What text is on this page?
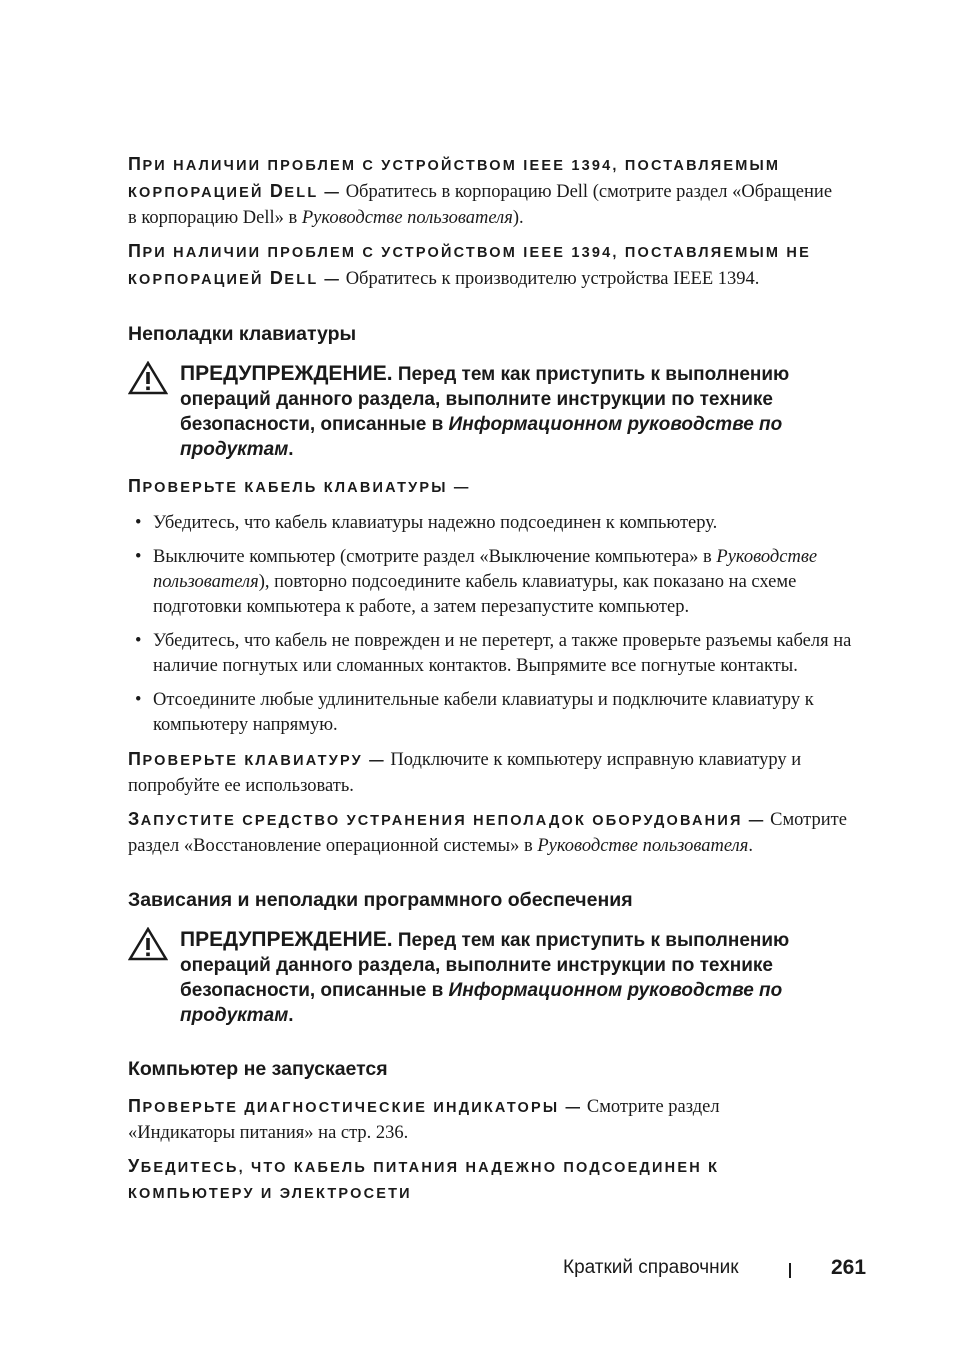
ПРИ НАЛИЧИИ ПРОБЛЕМ С УСТРОЙСТВОМ IEEE 1394, ПОСТАВЛЯЕМЫМ КОРПОРАЦИЕЙ DELL — Обратитесь в корпорацию Dell (смотрите раздел «Обращение в корпорацию Dell» в Руководстве пользователя).

ПРИ НАЛИЧИИ ПРОБЛЕМ С УСТРОЙСТВОМ IEEE 1394, ПОСТАВЛЯЕМЫМ НЕ КОРПОРАЦИЕЙ DELL — Обратитесь к производителю устройства IEEE 1394.

Неполадки клавиатуры
ПРЕДУПРЕЖДЕНИЕ. Перед тем как приступить к выполнению операций данного раздела, выполните инструкции по технике безопасности, описанные в Информационном руководстве по продуктам.

ПРОВЕРЬТЕ КАБЕЛЬ КЛАВИАТУРЫ —

• Убедитесь, что кабель клавиатуры надежно подсоединен к компьютеру.
• Выключите компьютер (смотрите раздел «Выключение компьютера» в Руководстве пользователя), повторно подсоедините кабель клавиатуры, как показано на схеме подготовки компьютера к работе, а затем перезапустите компьютер.
• Убедитесь, что кабель не поврежден и не перетерт, а также проверьте разъемы кабеля на наличие погнутых или сломанных контактов. Выпрямите все погнутые контакты.
• Отсоедините любые удлинительные кабели клавиатуры и подключите клавиатуру к компьютеру напрямую.

ПРОВЕРЬТЕ КЛАВИАТУРУ — Подключите к компьютеру исправную клавиатуру и попробуйте ее использовать.

ЗАПУСТИТЕ СРЕДСТВО УСТРАНЕНИЯ НЕПОЛАДОК ОБОРУДОВАНИЯ — Смотрите раздел «Восстановление операционной системы» в Руководстве пользователя.

Зависания и неполадки программного обеспечения
ПРЕДУПРЕЖДЕНИЕ. Перед тем как приступить к выполнению операций данного раздела, выполните инструкции по технике безопасности, описанные в Информационном руководстве по продуктам.
Компьютер не запускается

ПРОВЕРЬТЕ ДИАГНОСТИЧЕСКИЕ ИНДИКАТОРЫ — Смотрите раздел «Индикаторы питания» на стр. 236.

УБЕДИТЕСЬ, ЧТО КАБЕЛЬ ПИТАНИЯ НАДЕЖНО ПОДСОЕДИНЕН К КОМПЬЮТЕРУ И ЭЛЕКТРОСЕТИ

Краткий справочник	261
